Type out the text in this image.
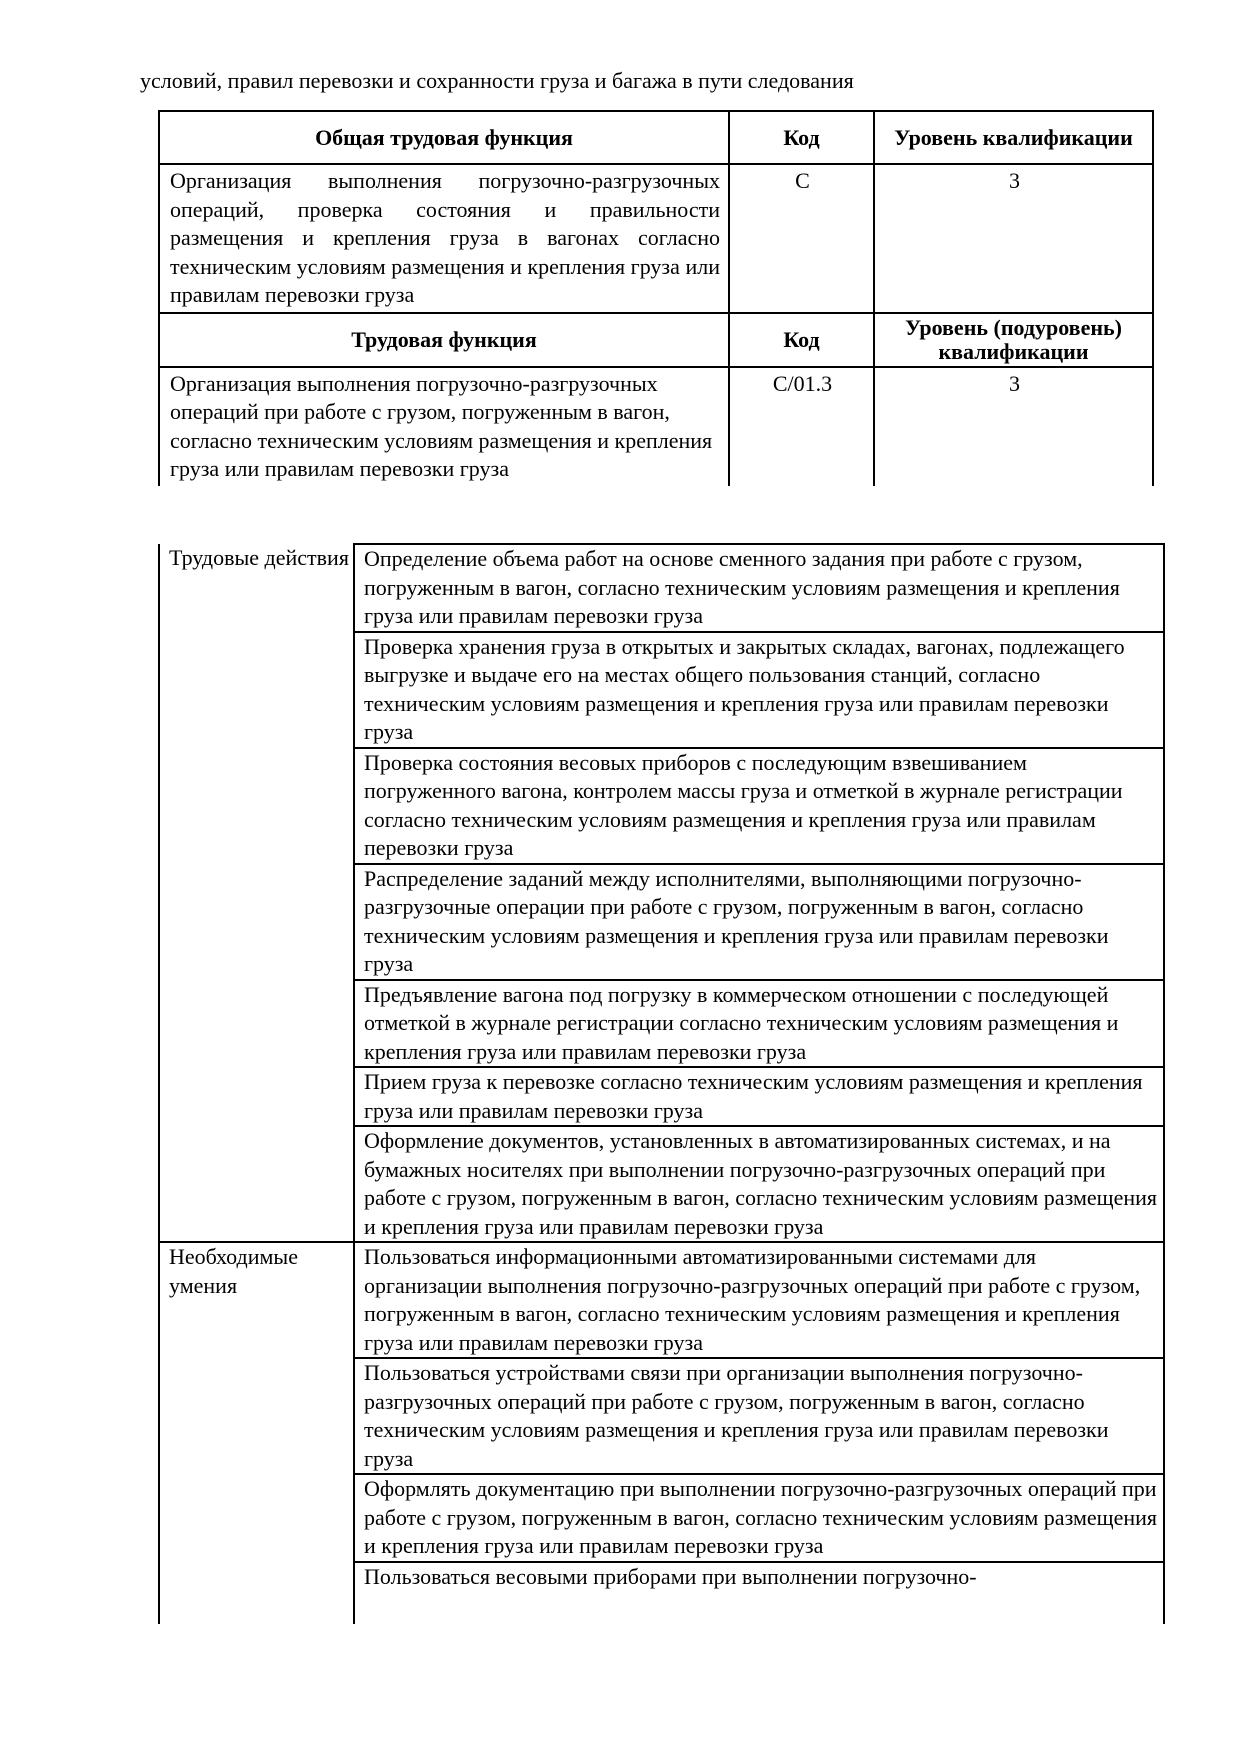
условий, правил перевозки и сохранности груза и багажа в пути следования

Общая трудовая функция	Код	Уровень квалификации
Организация выполнения погрузочно-разгрузочных операций, проверка состояния и правильности размещения и крепления груза в вагонах согласно техническим условиям размещения и крепления груза или правилам перевозки груза	С	3
Трудовая функция	Код	Уровень (подуровень) квалификации
Организация выполнения погрузочно-разгрузочных операций при работе с грузом, погруженным в вагон, согласно техническим условиям размещения и крепления груза или правилам перевозки груза	С/01.3	3
Трудовые действия	Определение объема работ на основе сменного задания при работе с грузом, погруженным в вагон, согласно техническим условиям размещения и крепления груза или правилам перевозки груза
	Проверка хранения груза в открытых и закрытых складах, вагонах, подлежащего выгрузке и выдаче его на местах общего пользования станций, согласно техническим условиям размещения и крепления груза или правилам перевозки груза
	Проверка состояния весовых приборов с последующим взвешиванием погруженного вагона, контролем массы груза и отметкой в журнале регистрации согласно техническим условиям размещения и крепления груза или правилам перевозки груза
	Распределение заданий между исполнителями, выполняющими погрузочно-разгрузочные операции при работе с грузом, погруженным в вагон, согласно техническим условиям размещения и крепления груза или правилам перевозки груза
	Предъявление вагона под погрузку в коммерческом отношении с последующей отметкой в журнале регистрации согласно техническим условиям размещения и крепления груза или правилам перевозки груза
	Прием груза к перевозке согласно техническим условиям размещения и крепления груза или правилам перевозки груза
	Оформление документов, установленных в автоматизированных системах, и на бумажных носителях при выполнении погрузочно-разгрузочных операций при работе с грузом, погруженным в вагон, согласно техническим условиям размещения и крепления груза или правилам перевозки груза
Необходимые умения	Пользоваться информационными автоматизированными системами для организации выполнения погрузочно-разгрузочных операций при работе с грузом, погруженным в вагон, согласно техническим условиям размещения и крепления груза или правилам перевозки груза
	Пользоваться устройствами связи при организации выполнения погрузочно-разгрузочных операций при работе с грузом, погруженным в вагон, согласно техническим условиям размещения и крепления груза или правилам перевозки груза
	Оформлять документацию при выполнении погрузочно-разгрузочных операций при работе с грузом, погруженным в вагон, согласно техническим условиям размещения и крепления груза или правилам перевозки груза
	Пользоваться весовыми приборами при выполнении погрузочно-
